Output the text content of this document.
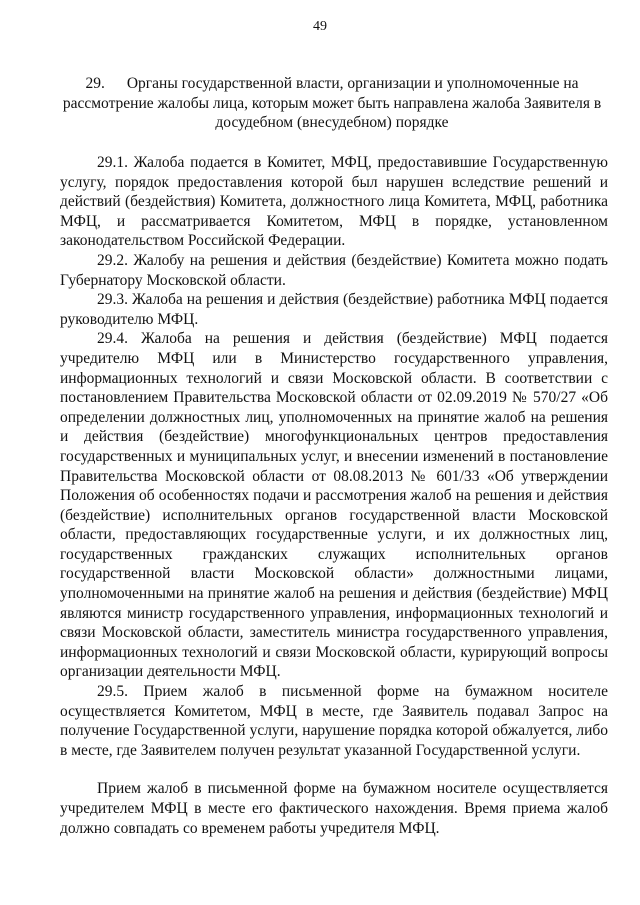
49
29. Органы государственной власти, организации и уполномоченные на рассмотрение жалобы лица, которым может быть направлена жалоба Заявителя в досудебном (внесудебном) порядке

29.1. Жалоба подается в Комитет, МФЦ, предоставившие Государственную услугу, порядок предоставления которой был нарушен вследствие решений и действий (бездействия) Комитета, должностного лица Комитета, МФЦ, работника МФЦ, и рассматривается Комитетом, МФЦ в порядке, установленном законодательством Российской Федерации.

29.2. Жалобу на решения и действия (бездействие) Комитета можно подать Губернатору Московской области.

29.3. Жалоба на решения и действия (бездействие) работника МФЦ подается руководителю МФЦ.

29.4. Жалоба на решения и действия (бездействие) МФЦ подается учредителю МФЦ или в Министерство государственного управления, информационных технологий и связи Московской области. В соответствии с постановлением Правительства Московской области от 02.09.2019 № 570/27 «Об определении должностных лиц, уполномоченных на принятие жалоб на решения и действия (бездействие) многофункциональных центров предоставления государственных и муниципальных услуг, и внесении изменений в постановление Правительства Московской области от 08.08.2013 № 601/33 «Об утверждении Положения об особенностях подачи и рассмотрения жалоб на решения и действия (бездействие) исполнительных органов государственной власти Московской области, предоставляющих государственные услуги, и их должностных лиц, государственных гражданских служащих исполнительных органов государственной власти Московской области» должностными лицами, уполномоченными на принятие жалоб на решения и действия (бездействие) МФЦ являются министр государственного управления, информационных технологий и связи Московской области, заместитель министра государственного управления, информационных технологий и связи Московской области, курирующий вопросы организации деятельности МФЦ.

29.5. Прием жалоб в письменной форме на бумажном носителе осуществляется Комитетом, МФЦ в месте, где Заявитель подавал Запрос на получение Государственной услуги, нарушение порядка которой обжалуется, либо в месте, где Заявителем получен результат указанной Государственной услуги.

Прием жалоб в письменной форме на бумажном носителе осуществляется учредителем МФЦ в месте его фактического нахождения. Время приема жалоб должно совпадать со временем работы учредителя МФЦ.
